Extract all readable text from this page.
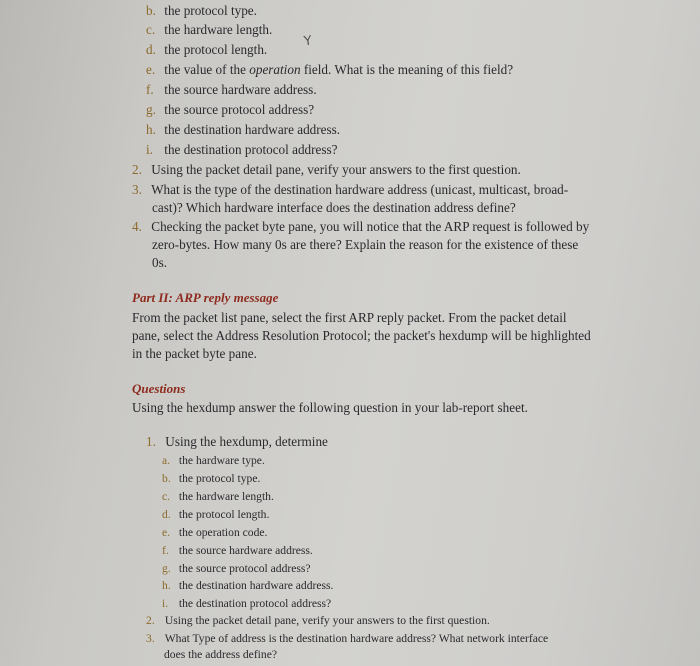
b. the protocol type.
c. the hardware length.
d. the protocol length.
Y
e. the value of the operation field. What is the meaning of this field?
f. the source hardware address.
g. the source protocol address?
h. the destination hardware address.
i. the destination protocol address?
2. Using the packet detail pane, verify your answers to the first question.
3. What is the type of the destination hardware address (unicast, multicast, broad-
cast)? Which hardware interface does the destination address define?
4. Checking the packet byte pane, you will notice that the ARP request is followed by
zero-bytes. How many 0s are there? Explain the reason for the existence of these
0s.
Part II: ARP reply message
From the packet list pane, select the first ARP reply packet. From the packet detail
pane, select the Address Resolution Protocol; the packet's hexdump will be highlighted
in the packet byte pane.
Questions
Using the hexdump answer the following question in your lab-report sheet.
1. Using the hexdump, determine
a. the hardware type.
b. the protocol type.
c. the hardware length.
d. the protocol length.
e. the operation code.
f. the source hardware address.
g. the source protocol address?
h. the destination hardware address.
i. the destination protocol address?
2. Using the packet detail pane, verify your answers to the first question.
3. What Type of address is the destination hardware address? What network interface
does the address define?
